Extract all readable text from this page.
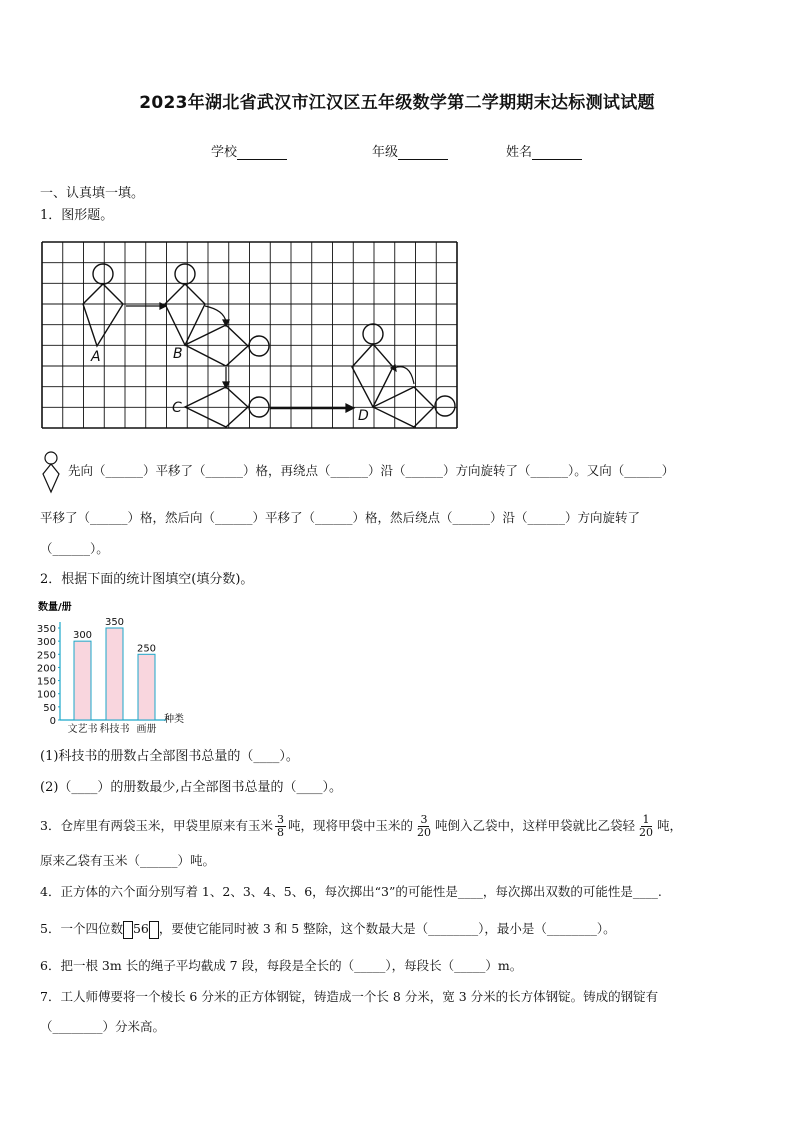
2023年湖北省武汉市江汉区五年级数学第二学期期末达标测试试题
学校	年级	姓名
一、认真填一填。
1．图形题。
A	B
C	D
先向（______）平移了（______）格，再绕点（______）沿（______）方向旋转了（______）。又向（______）
平移了（______）格，然后向（______）平移了（______）格，然后绕点（______）沿（______）方向旋转了
（______）。
2．根据下面的统计图填空(填分数)。
数量/册
350
300
250
200
150
100
50
0
300
350
250
文艺书 科技书 画册
种类
(1)科技书的册数占全部图书总量的（____）。
(2)（____）的册数最少,占全部图书总量的（____）。
3．仓库里有两袋玉米，甲袋里原来有玉米 $\frac{3}{8}$ 吨，现将甲袋中玉米的 $\frac{3}{20}$ 吨倒入乙袋中，这样甲袋就比乙袋轻 $\frac{1}{20}$ 吨，
原来乙袋有玉米（______）吨。
4．正方体的六个面分别写着 1、2、3、4、5、6，每次掷出“3”的可能性是____，每次掷出双数的可能性是____.
5．一个四位数 56 ，要使它能同时被 3 和 5 整除，这个数最大是（________），最小是（________）。
6．把一根 3m 长的绳子平均截成 7 段，每段是全长的（_____），每段长（_____）m。
7．工人师傅要将一个棱长 6 分米的正方体钢锭，铸造成一个长 8 分米，宽 3 分米的长方体钢锭。铸成的钢锭有
（________）分米高。
